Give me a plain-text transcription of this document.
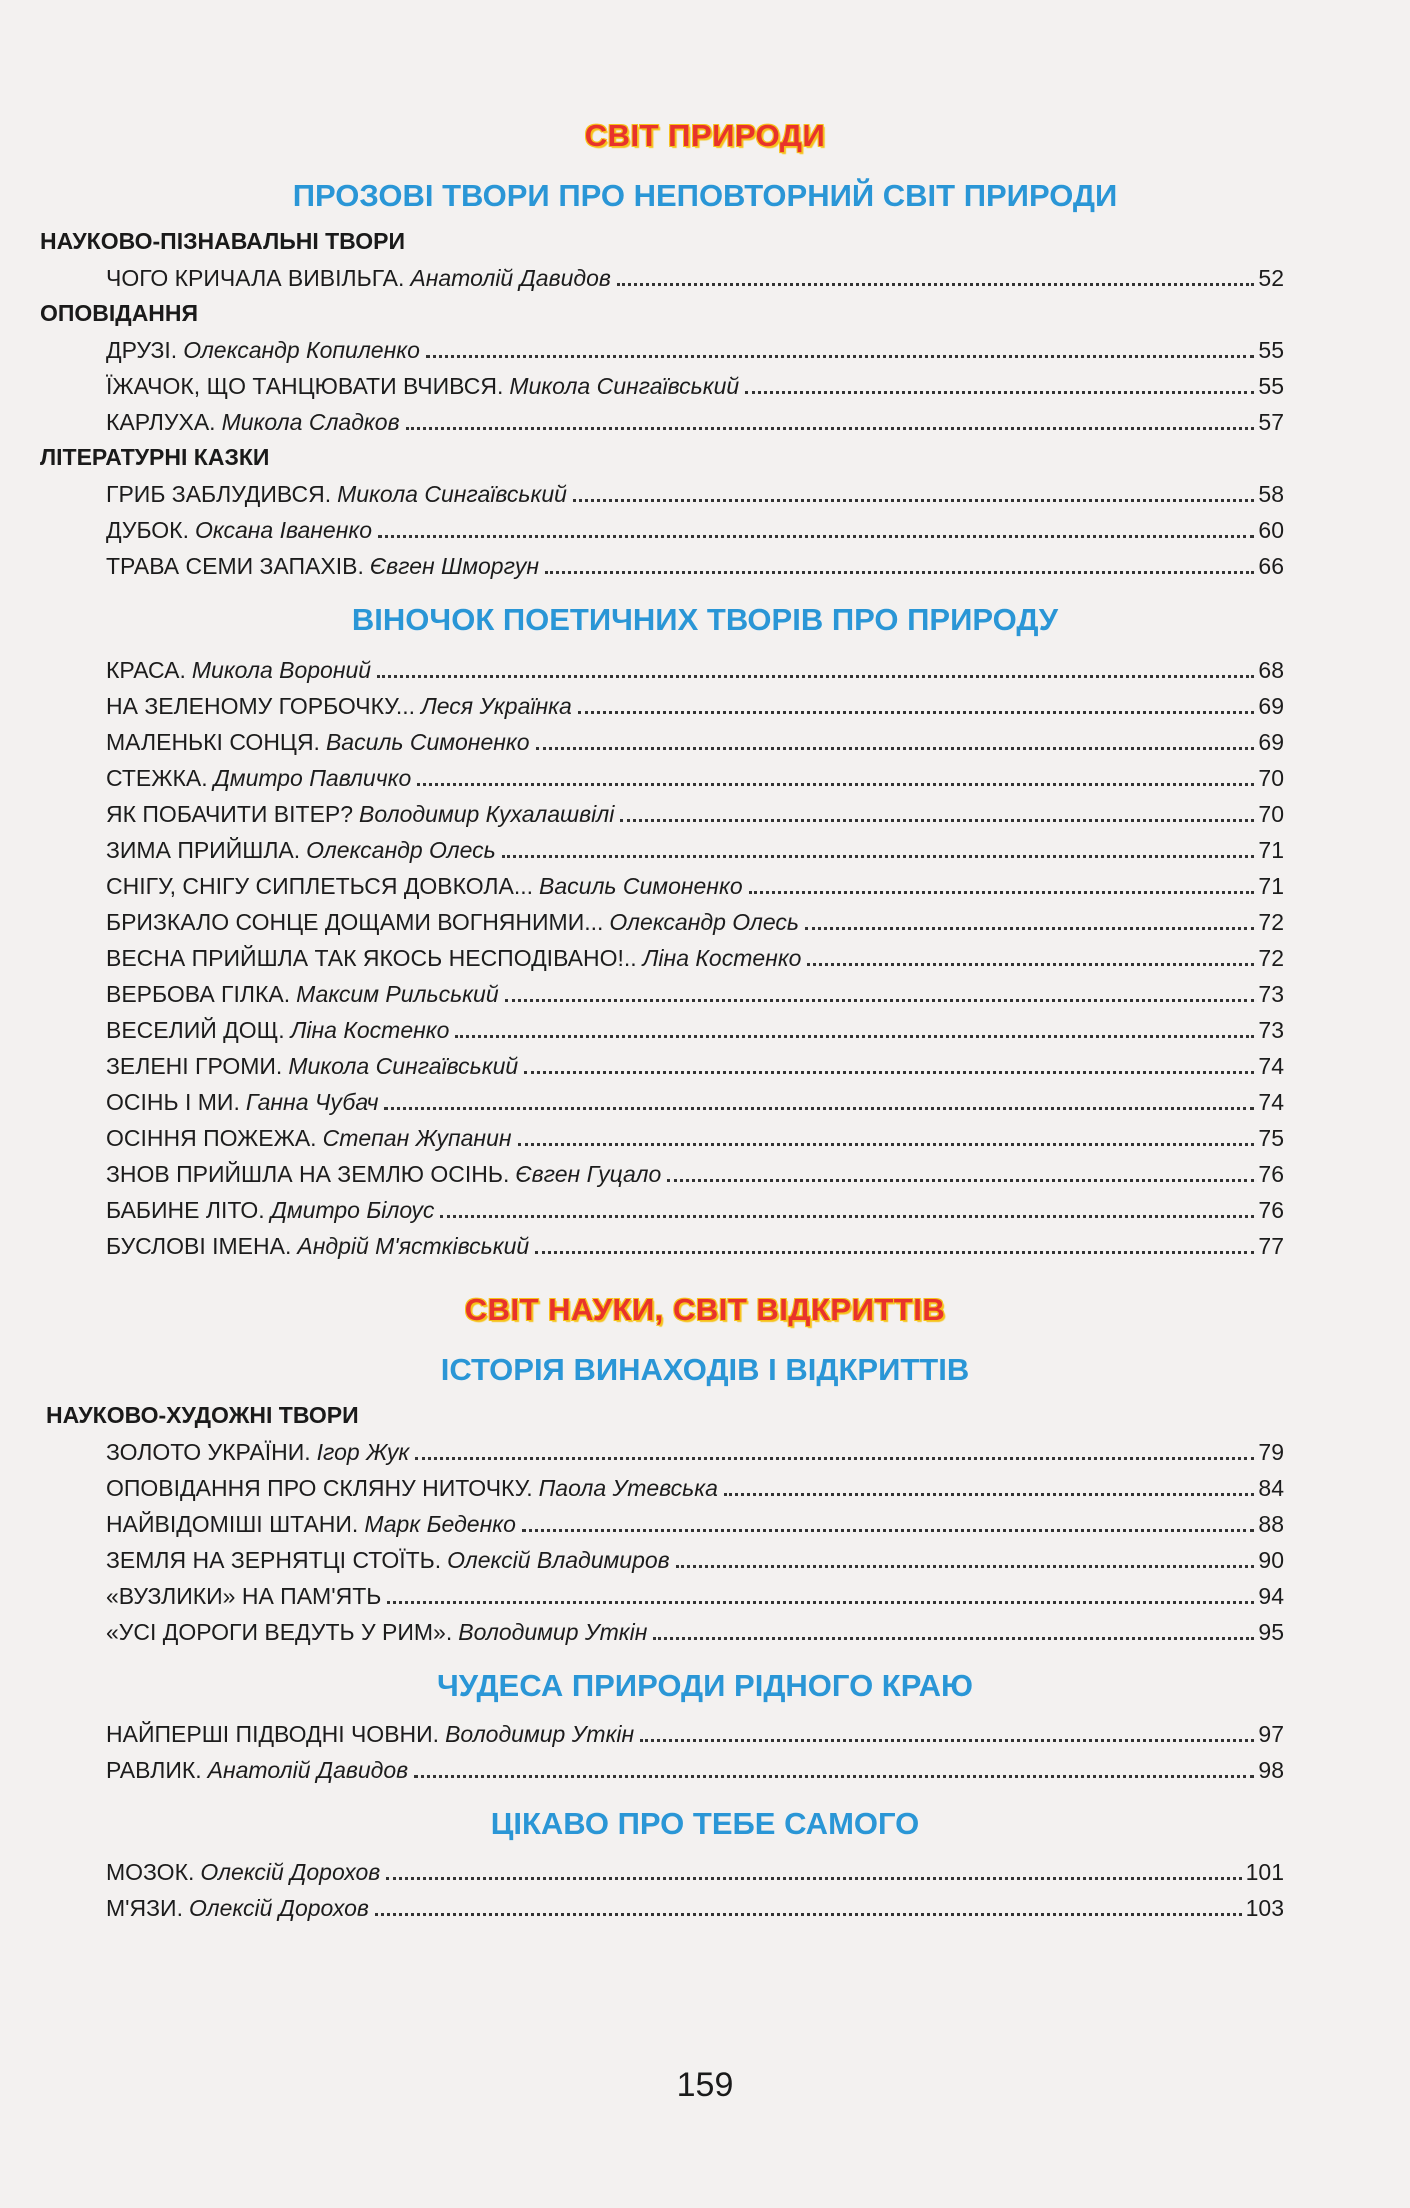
СВІТ ПРИРОДИ
ПРОЗОВІ ТВОРИ ПРО НЕПОВТОРНИЙ СВІТ ПРИРОДИ
НАУКОВО-ПІЗНАВАЛЬНІ ТВОРИ
ЧОГО КРИЧАЛА ВИВІЛЬГА. Анатолій Давидов	52
ОПОВІДАННЯ
ДРУЗІ. Олександр Копиленко	55
ЇЖАЧОК, ЩО ТАНЦЮВАТИ ВЧИВСЯ. Микола Сингаївський	55
КАРЛУХА. Микола Сладков	57
ЛІТЕРАТУРНІ КАЗКИ
ГРИБ ЗАБЛУДИВСЯ. Микола Сингаївський	58
ДУБОК. Оксана Іваненко	60
ТРАВА СЕМИ ЗАПАХІВ. Євген Шморгун	66
ВІНОЧОК ПОЕТИЧНИХ ТВОРІВ ПРО ПРИРОДУ
КРАСА. Микола Вороний	68
НА ЗЕЛЕНОМУ ГОРБОЧКУ... Леся Українка	69
МАЛЕНЬКІ СОНЦЯ. Василь Симоненко	69
СТЕЖКА. Дмитро Павличко	70
ЯК ПОБАЧИТИ ВІТЕР? Володимир Кухалашвілі	70
ЗИМА ПРИЙШЛА. Олександр Олесь	71
СНІГУ, СНІГУ СИПЛЕТЬСЯ ДОВКОЛА... Василь Симоненко	71
БРИЗКАЛО СОНЦЕ ДОЩАМИ ВОГНЯНИМИ... Олександр Олесь	72
ВЕСНА ПРИЙШЛА ТАК ЯКОСЬ НЕСПОДІВАНО!.. Ліна Костенко	72
ВЕРБОВА ГІЛКА. Максим Рильський	73
ВЕСЕЛИЙ ДОЩ. Ліна Костенко	73
ЗЕЛЕНІ ГРОМИ. Микола Сингаївський	74
ОСІНЬ І МИ. Ганна Чубач	74
ОСІННЯ ПОЖЕЖА. Степан Жупанин	75
ЗНОВ ПРИЙШЛА НА ЗЕМЛЮ ОСІНЬ. Євген Гуцало	76
БАБИНЕ ЛІТО. Дмитро Білоус	76
БУСЛОВІ ІМЕНА. Андрій М'ястківський	77
СВІТ НАУКИ, СВІТ ВІДКРИТТІВ
ІСТОРІЯ ВИНАХОДІВ І ВІДКРИТТІВ
НАУКОВО-ХУДОЖНІ ТВОРИ
ЗОЛОТО УКРАЇНИ. Ігор Жук	79
ОПОВІДАННЯ ПРО СКЛЯНУ НИТОЧКУ. Паола Утевська	84
НАЙВІДОМІШІ ШТАНИ. Марк Беденко	88
ЗЕМЛЯ НА ЗЕРНЯТЦІ СТОЇТЬ. Олексій Владимиров	90
«ВУЗЛИКИ» НА ПАМ'ЯТЬ	94
«УСІ ДОРОГИ ВЕДУТЬ У РИМ». Володимир Уткін	95
ЧУДЕСА ПРИРОДИ РІДНОГО КРАЮ
НАЙПЕРШІ ПІДВОДНІ ЧОВНИ. Володимир Уткін	97
РАВЛИК. Анатолій Давидов	98
ЦІКАВО ПРО ТЕБЕ САМОГО
МОЗОК. Олексій Дорохов	101
М'ЯЗИ. Олексій Дорохов	103
159
